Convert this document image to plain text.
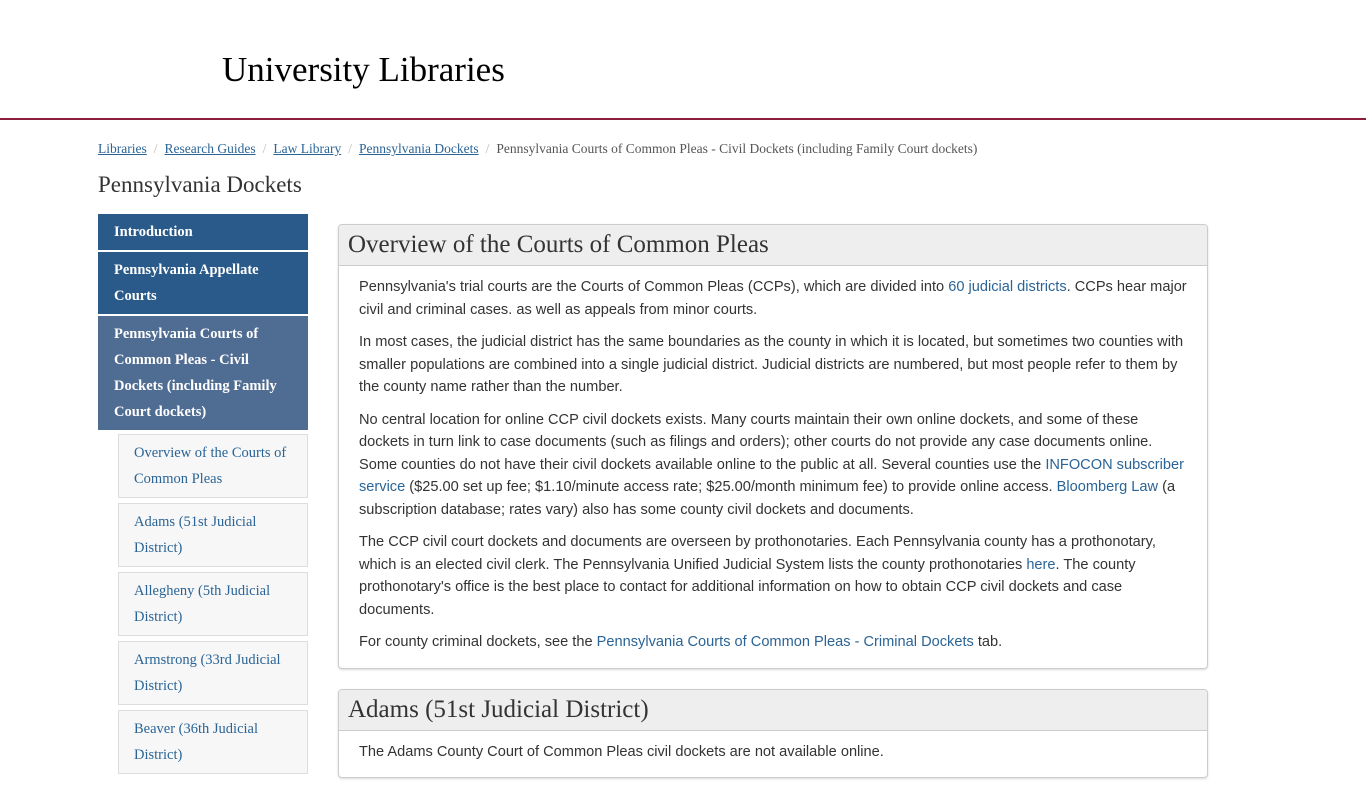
University Libraries
Libraries / Research Guides / Law Library / Pennsylvania Dockets / Pennsylvania Courts of Common Pleas - Civil Dockets (including Family Court dockets)
Pennsylvania Dockets
Introduction
Pennsylvania Appellate Courts
Pennsylvania Courts of Common Pleas - Civil Dockets (including Family Court dockets)
Overview of the Courts of Common Pleas
Adams (51st Judicial District)
Allegheny (5th Judicial District)
Armstrong (33rd Judicial District)
Beaver (36th Judicial District)
Overview of the Courts of Common Pleas

Pennsylvania's trial courts are the Courts of Common Pleas (CCPs), which are divided into 60 judicial districts. CCPs hear major civil and criminal cases. as well as appeals from minor courts.

In most cases, the judicial district has the same boundaries as the county in which it is located, but sometimes two counties with smaller populations are combined into a single judicial district. Judicial districts are numbered, but most people refer to them by the county name rather than the number.

No central location for online CCP civil dockets exists. Many courts maintain their own online dockets, and some of these dockets in turn link to case documents (such as filings and orders); other courts do not provide any case documents online. Some counties do not have their civil dockets available online to the public at all. Several counties use the INFOCON subscriber service ($25.00 set up fee; $1.10/minute access rate; $25.00/month minimum fee) to provide online access. Bloomberg Law (a subscription database; rates vary) also has some county civil dockets and documents.

The CCP civil court dockets and documents are overseen by prothonotaries. Each Pennsylvania county has a prothonotary, which is an elected civil clerk. The Pennsylvania Unified Judicial System lists the county prothonotaries here. The county prothonotary's office is the best place to contact for additional information on how to obtain CCP civil dockets and case documents.

For county criminal dockets, see the Pennsylvania Courts of Common Pleas - Criminal Dockets tab.

Adams (51st Judicial District)

The Adams County Court of Common Pleas civil dockets are not available online.
